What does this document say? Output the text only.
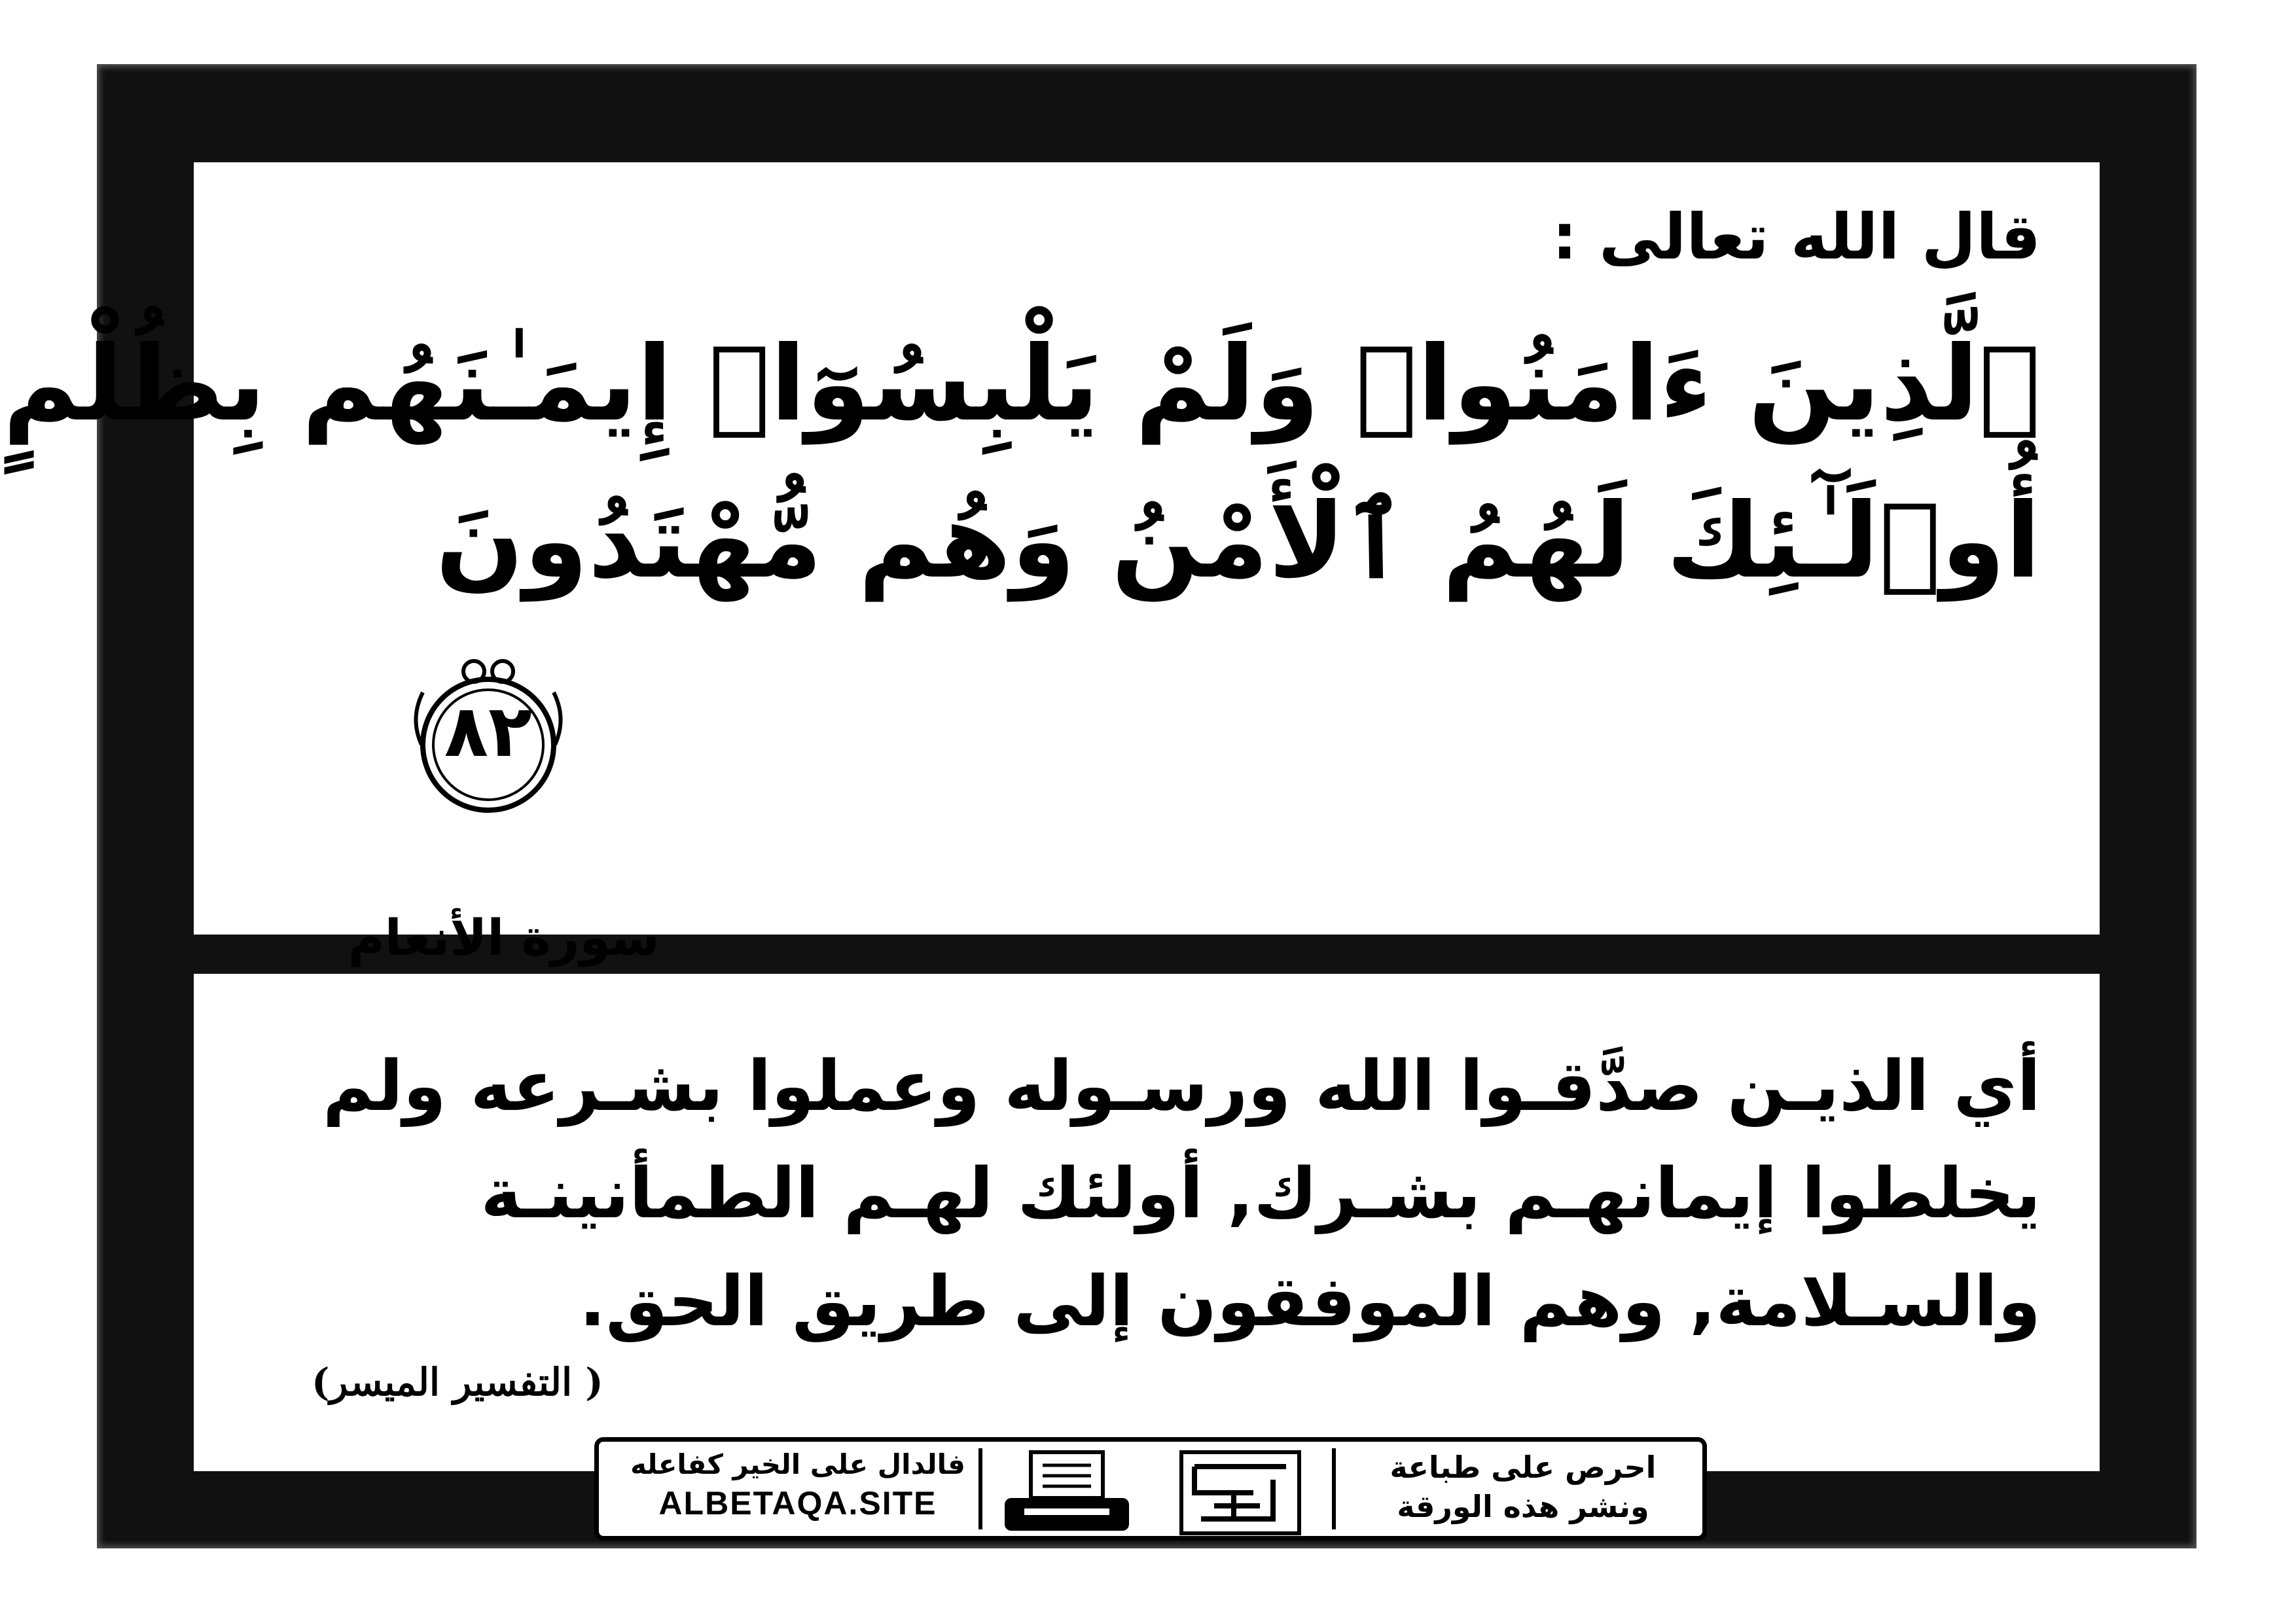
قال الله تعالى :
ٱلَّذِينَ ءَامَنُوا۟ وَلَمْ يَلْبِسُوٓا۟ إِيمَـٰنَهُم بِظُلْمٍ
أُو۟لَـٰٓئِكَ لَهُمُ ٱلْأَمْنُ وَهُم مُّهْتَدُونَ
٨٢
سورة الأنعام
أي الذيـن صدَّقـوا الله ورسـوله وعملوا بشـرعه ولم يخلطوا إيمانهـم بشـرك, أولئك لهـم الطمأنينـة والسـلامة, وهم الموفقون إلى طريق الحق.
( التفسير الميسر)
احرص على طباعة
ونشر هذه الورقة
فالدال على الخير كفاعله
ALBETAQA.SITE
